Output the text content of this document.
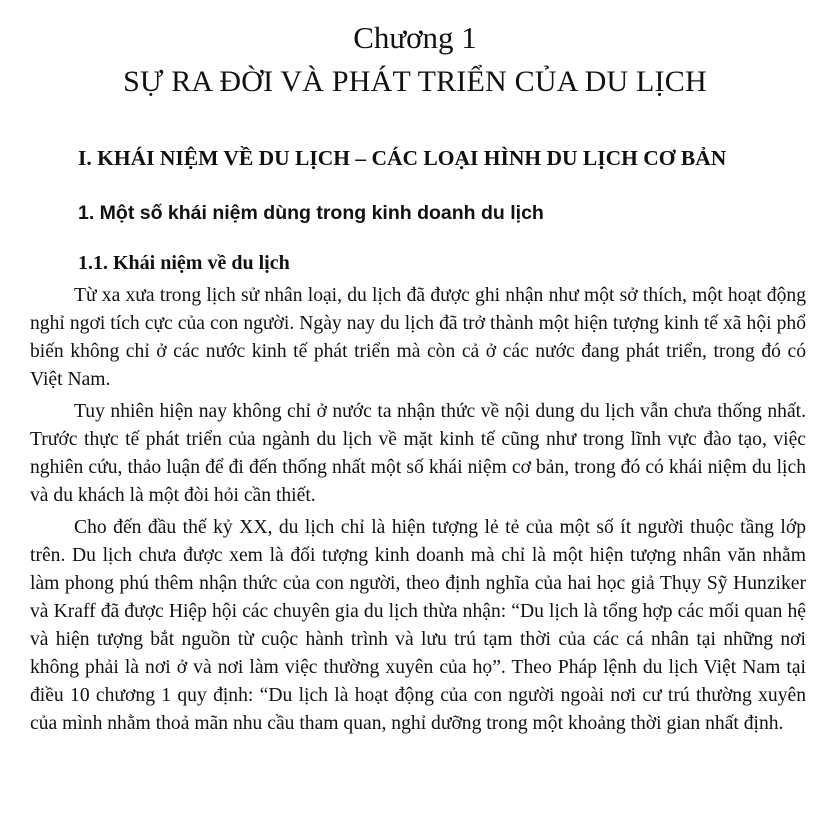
Chương 1
SỰ RA ĐỜI VÀ PHÁT TRIỂN CỦA DU LỊCH
I. KHÁI NIỆM VỀ DU LỊCH – CÁC LOẠI HÌNH DU LỊCH CƠ BẢN
1. Một số khái niệm dùng trong kinh doanh du lịch
1.1. Khái niệm về du lịch

Từ xa xưa trong lịch sử nhân loại, du lịch đã được ghi nhận như một sở thích, một hoạt động nghỉ ngơi tích cực của con người. Ngày nay du lịch đã trở thành một hiện tượng kinh tế xã hội phổ biến không chỉ ở các nước kinh tế phát triển mà còn cả ở các nước đang phát triển, trong đó có Việt Nam.

Tuy nhiên hiện nay không chỉ ở nước ta nhận thức về nội dung du lịch vẫn chưa thống nhất. Trước thực tế phát triển của ngành du lịch về mặt kinh tế cũng như trong lĩnh vực đào tạo, việc nghiên cứu, thảo luận để đi đến thống nhất một số khái niệm cơ bản, trong đó có khái niệm du lịch và du khách là một đòi hỏi cần thiết.

Cho đến đầu thế kỷ XX, du lịch chỉ là hiện tượng lẻ tẻ của một số ít người thuộc tầng lớp trên. Du lịch chưa được xem là đối tượng kinh doanh mà chỉ là một hiện tượng nhân văn nhằm làm phong phú thêm nhận thức của con người, theo định nghĩa của hai học giả Thụy Sỹ Hunziker và Kraff đã được Hiệp hội các chuyên gia du lịch thừa nhận: “Du lịch là tổng hợp các mối quan hệ và hiện tượng bắt nguồn từ cuộc hành trình và lưu trú tạm thời của các cá nhân tại những nơi không phải là nơi ở và nơi làm việc thường xuyên của họ”. Theo Pháp lệnh du lịch Việt Nam tại điều 10 chương 1 quy định: “Du lịch là hoạt động của con người ngoài nơi cư trú thường xuyên của mình nhằm thoả mãn nhu cầu tham quan, nghỉ dưỡng trong một khoảng thời gian nhất định.
